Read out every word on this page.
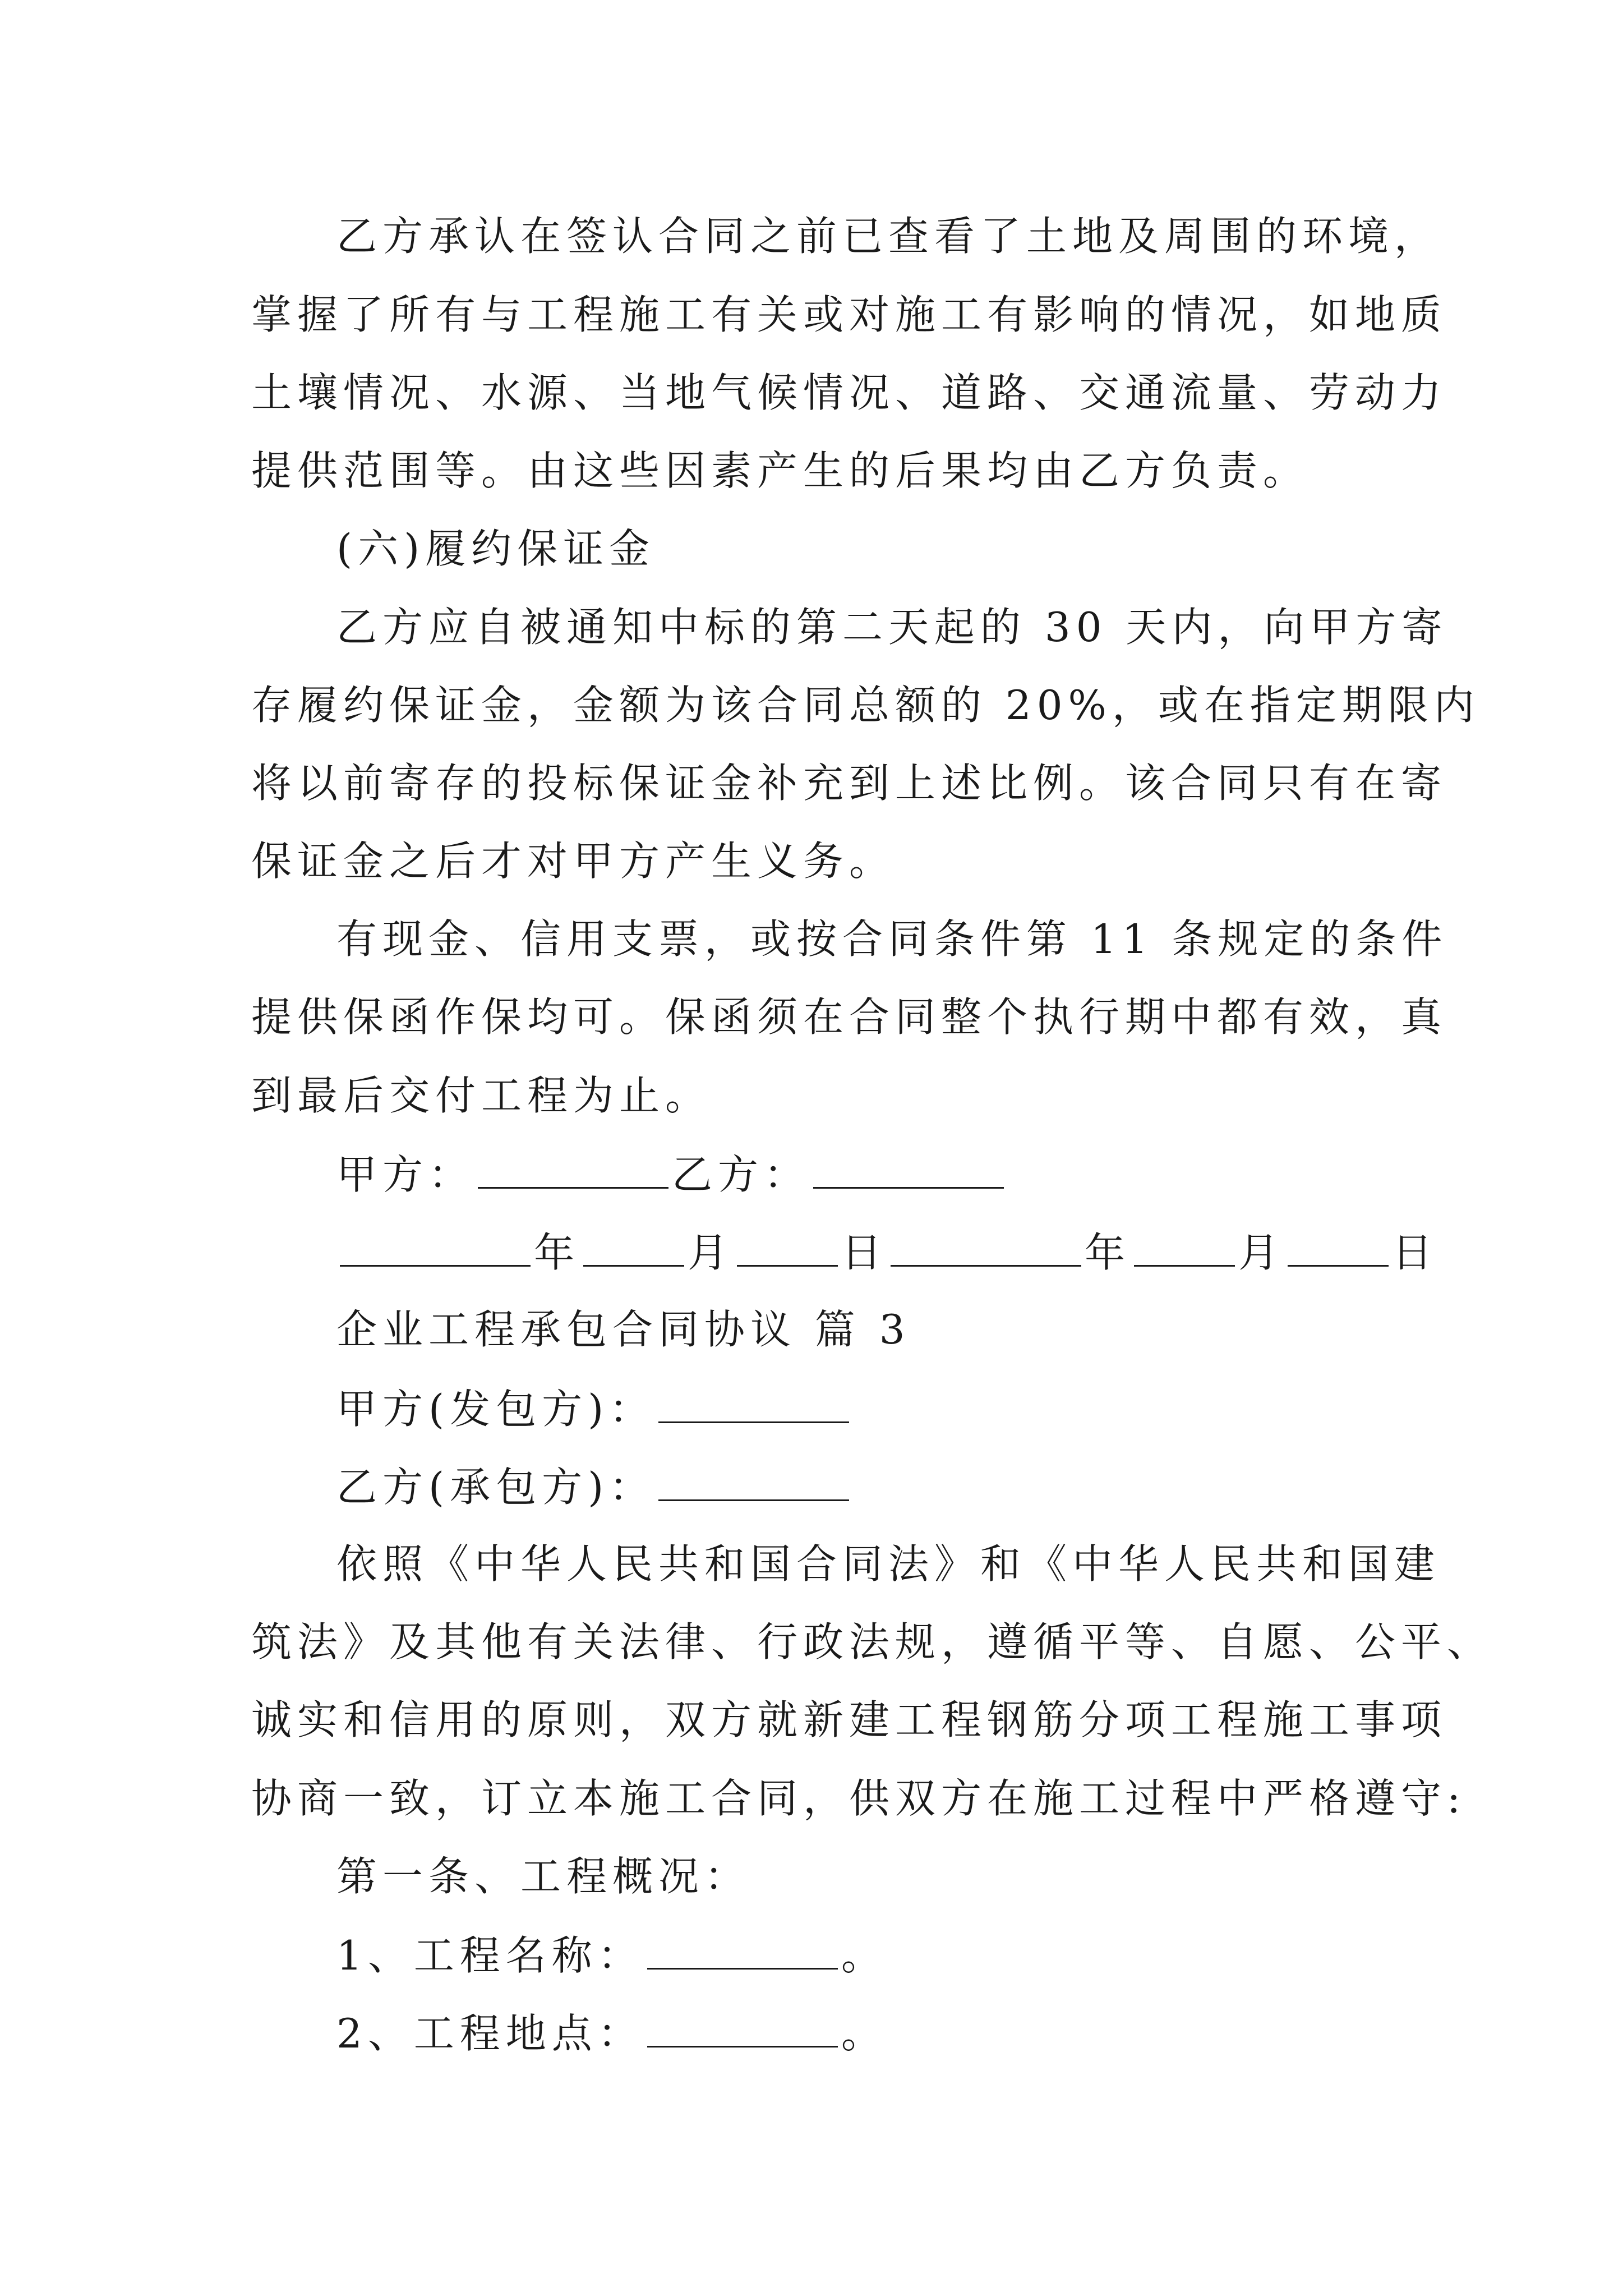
乙方承认在签认合同之前已查看了土地及周围的环境，
掌握了所有与工程施工有关或对施工有影响的情况，如地质
土壤情况、水源、当地气候情况、道路、交通流量、劳动力
提供范围等。由这些因素产生的后果均由乙方负责。
(六)履约保证金
乙方应自被通知中标的第二天起的 30 天内，向甲方寄
存履约保证金，金额为该合同总额的 20%，或在指定期限内
将以前寄存的投标保证金补充到上述比例。该合同只有在寄
保证金之后才对甲方产生义务。
有现金、信用支票，或按合同条件第 11 条规定的条件
提供保函作保均可。保函须在合同整个执行期中都有效，真
到最后交付工程为止。
甲方：	乙方：
年	月	日	年	月	日
企业工程承包合同协议 篇 3
甲方(发包方)：
乙方(承包方)：
依照《中华人民共和国合同法》和《中华人民共和国建
筑法》及其他有关法律、行政法规，遵循平等、自愿、公平、
诚实和信用的原则，双方就新建工程钢筋分项工程施工事项
协商一致，订立本施工合同，供双方在施工过程中严格遵守:
第一条、工程概况：
1、工程名称：	。
2、工程地点：	。
